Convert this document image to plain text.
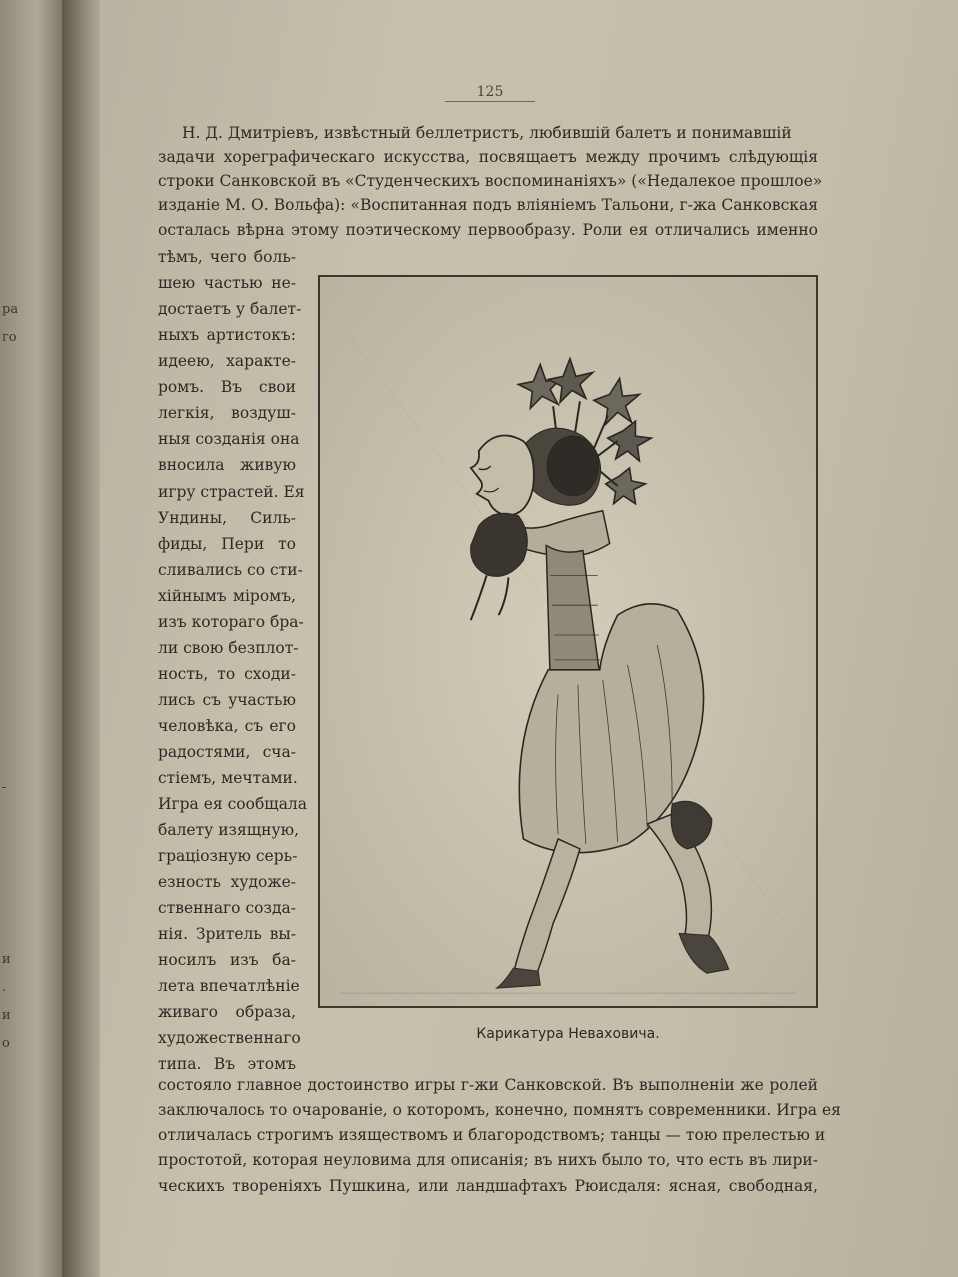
ра
го
-
и
.
и
о
125
Н. Д. Дмитріевъ, извѣстный беллетристъ, любившій балетъ и понимавшій
задачи хореграфическаго искусства, посвящаетъ между прочимъ слѣдующія
строки Санковской въ «Студенческихъ воспоминаніяхъ» («Недалекое прошлое»
изданіе М. О. Вольфа): «Воспитанная подъ вліяніемъ Тальони, г-жа Санковская
осталась вѣрна этому поэтическому первообразу. Роли ея отличались именно
тѣмъ, чего боль-
шею частью не-
достаетъ у балет-
ныхъ артистокъ:
идеею, характе-
ромъ. Въ свои
легкія, воздуш-
ныя созданія она
вносила живую
игру страстей. Ея
Ундины, Силь-
фиды, Пери то
сливались со сти-
хійнымъ міромъ,
изъ котораго бра-
ли свою безплот-
ность, то сходи-
лись съ участью
человѣка, съ его
радостями, сча-
стіемъ, мечтами.
Игра ея сообщала
балету изящную,
граціозную серь-
езность художе-
ственнаго созда-
нія. Зритель вы-
носилъ изъ ба-
лета впечатлѣніе
живаго образа,
художественнаго
типа. Въ этомъ
Карикатура Неваховича.
состояло главное достоинство игры г-жи Санковской. Въ выполненіи же ролей
заключалось то очарованіе, о которомъ, конечно, помнятъ современники. Игра ея
отличалась строгимъ изяществомъ и благородствомъ; танцы — тою прелестью и
простотой, которая неуловима для описанія; въ нихъ было то, что есть въ лири-
ческихъ твореніяхъ Пушкина, или ландшафтахъ Рюисдаля: ясная, свободная,
